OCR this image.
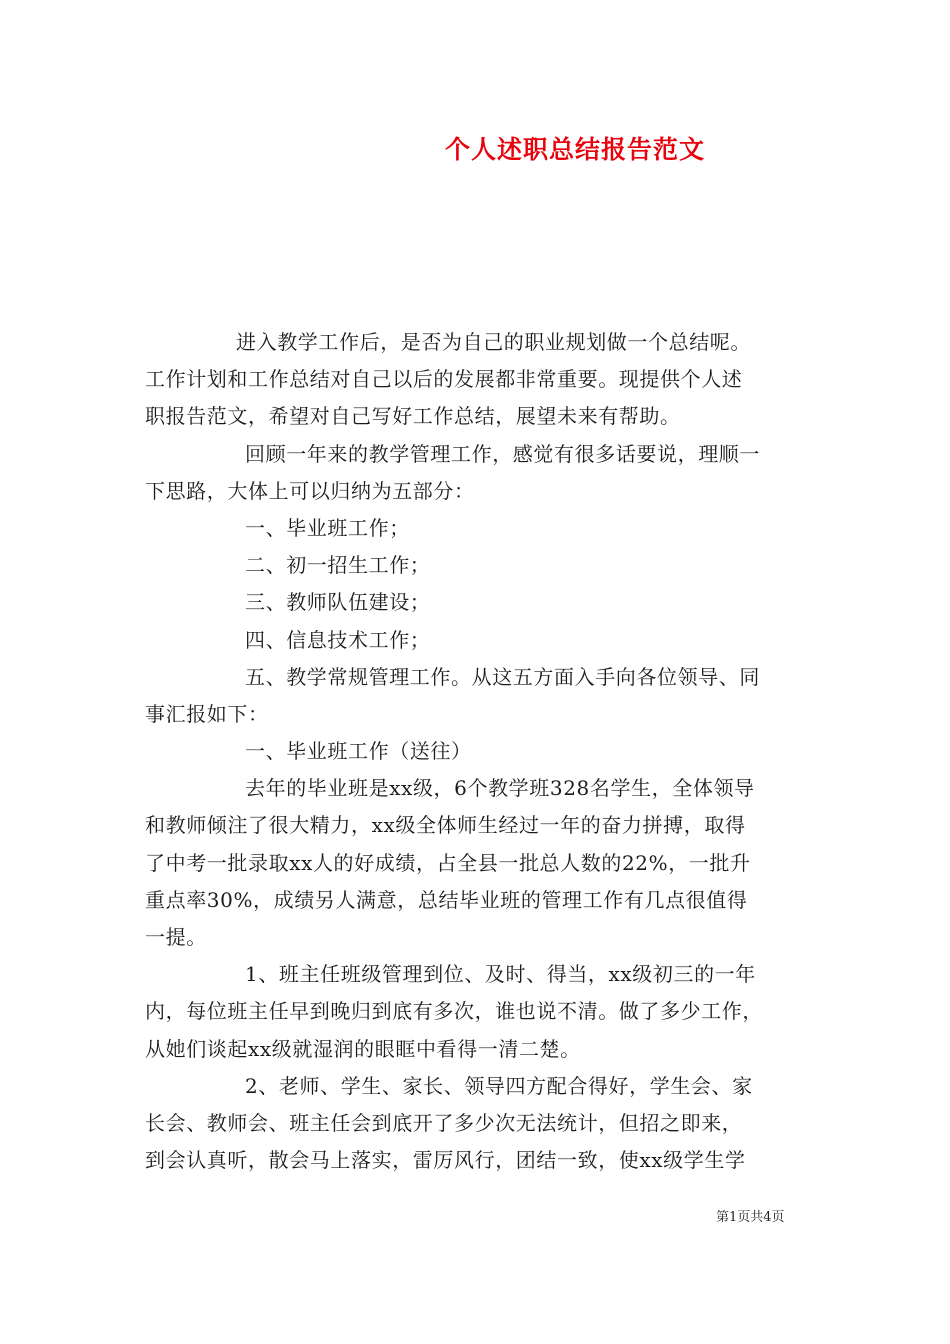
个人述职总结报告范文
进入教学工作后，是否为自己的职业规划做一个总结呢。
工作计划和工作总结对自己以后的发展都非常重要。现提供个人述
职报告范文，希望对自己写好工作总结，展望未来有帮助。
回顾一年来的教学管理工作，感觉有很多话要说，理顺一
下思路，大体上可以归纳为五部分：
一、毕业班工作；
二、初一招生工作；
三、教师队伍建设；
四、信息技术工作；
五、教学常规管理工作。从这五方面入手向各位领导、同
事汇报如下：
一、毕业班工作（送往）
去年的毕业班是xx级，6个教学班328名学生，全体领导
和教师倾注了很大精力，xx级全体师生经过一年的奋力拼搏，取得
了中考一批录取xx人的好成绩，占全县一批总人数的22%，一批升
重点率30%，成绩另人满意，总结毕业班的管理工作有几点很值得
一提。
1、班主任班级管理到位、及时、得当，xx级初三的一年
内，每位班主任早到晚归到底有多次，谁也说不清。做了多少工作，
从她们谈起xx级就湿润的眼眶中看得一清二楚。
2、老师、学生、家长、领导四方配合得好，学生会、家
长会、教师会、班主任会到底开了多少次无法统计，但招之即来，
到会认真听，散会马上落实，雷厉风行，团结一致，使xx级学生学
第1页共4页
